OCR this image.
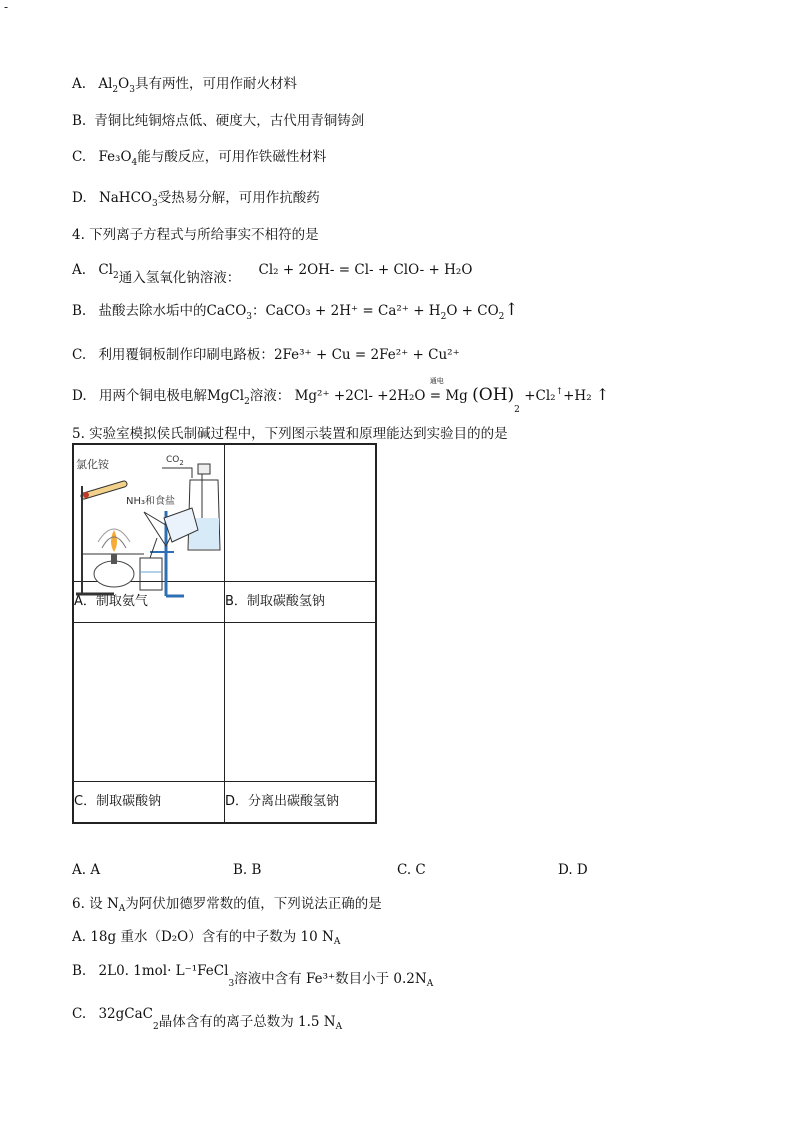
-
A. $Al_2O_3$具有两性，可用作耐火材料
B. 青铜比纯铜熔点低、硬度大，古代用青铜铸剑
C. $Fe_3O_4$能与酸反应，可用作铁磁性材料
D. NaHCO$_3$受热易分解，可用作抗酸药
4. 下列离子方程式与所给事实不相符的是
A. $Cl_2$通入氢氧化钠溶液： Cl₂ + 2OH- = Cl- + ClO- + H₂O
B. 盐酸去除水垢中的CaCO$_3$：CaCO₃ + $2H^+ = Ca^{2+} + H_2O$ + $CO_2↑$
C. 利用覆铜板制作印刷电路板：2Fe³⁺ + Cu = 2Fe²⁺ + Cu²⁺
D. 用两个铜电极电解MgCl$_2$溶液： Mg²⁺ +2Cl- +2H₂O
通电
= Mg $(OH)_2 +Cl_2^↑+H_2$ ↑
5. 实验室模拟侯氏制碱过程中，下列图示装置和原理能达到实验目的的是

A．制取氨气	B．制取碳酸氢钠

C．制取碳酸钠	D．分离出碳酸氢钠
氯化铵	$CO_2$
NH₃和食盐
A. A	B. B	C. C	D. D
6. 设 $N_A$为阿伏加德罗常数的值，下列说法正确的是
A. 18g 重水（D₂O）含有的中子数为 10 $N_A$
B. 2L0. 1mol· L⁻¹FeCl$_3$溶液中含有 Fe³⁺数目小于 $0.2N_A$
C. 32gCaC$_2$晶体含有的离子总数为 1.5 $N_A$
